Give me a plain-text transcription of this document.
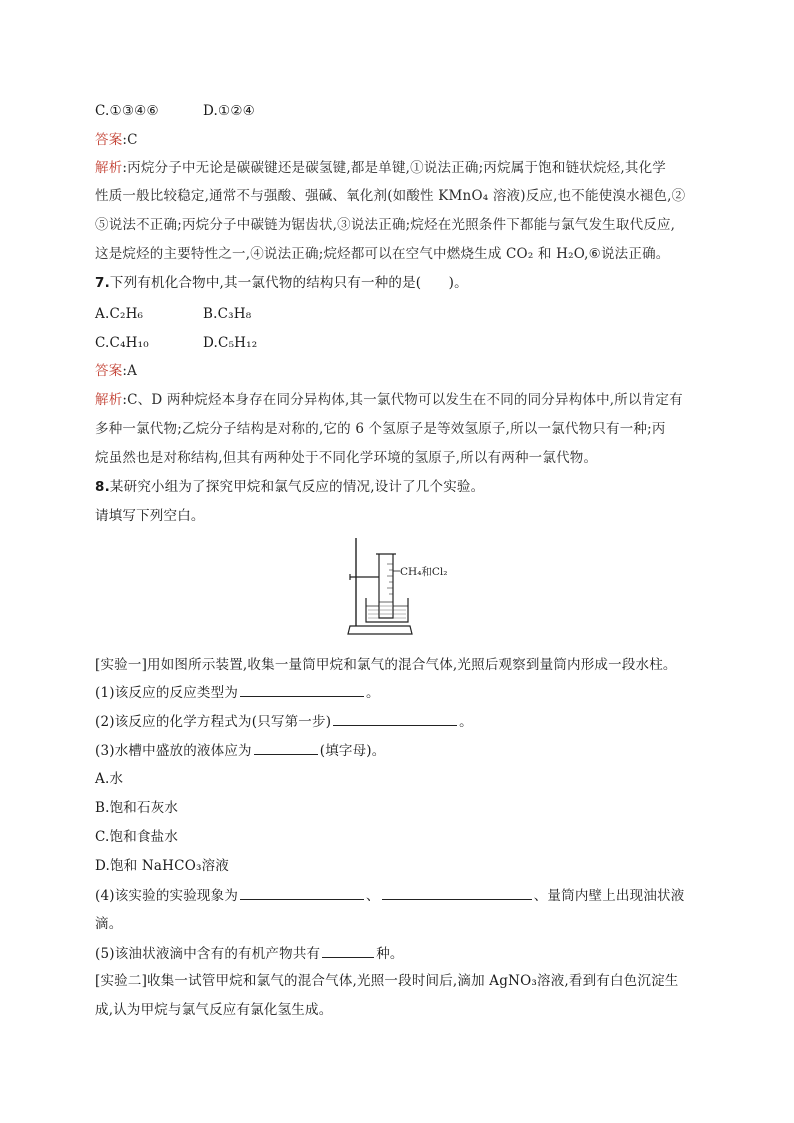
C.①③④⑥	D.①②④
答案:C
解析:丙烷分子中无论是碳碳键还是碳氢键,都是单键,①说法正确;丙烷属于饱和链状烷烃,其化学
性质一般比较稳定,通常不与强酸、强碱、氧化剂(如酸性 KMnO₄ 溶液)反应,也不能使溴水褪色,②
⑤说法不正确;丙烷分子中碳链为锯齿状,③说法正确;烷烃在光照条件下都能与氯气发生取代反应,
这是烷烃的主要特性之一,④说法正确;烷烃都可以在空气中燃烧生成 CO₂ 和 H₂O,⑥说法正确。
7.下列有机化合物中,其一氯代物的结构只有一种的是(　　)。
A.C₂H₆	B.C₃H₈
C.C₄H₁₀	D.C₅H₁₂
答案:A
解析:C、D 两种烷烃本身存在同分异构体,其一氯代物可以发生在不同的同分异构体中,所以肯定有
多种一氯代物;乙烷分子结构是对称的,它的 6 个氢原子是等效氢原子,所以一氯代物只有一种;丙
烷虽然也是对称结构,但其有两种处于不同化学环境的氢原子,所以有两种一氯代物。
8.某研究小组为了探究甲烷和氯气反应的情况,设计了几个实验。
请填写下列空白。
CH₄和Cl₂
[实验一]用如图所示装置,收集一量筒甲烷和氯气的混合气体,光照后观察到量筒内形成一段水柱。
(1)该反应的反应类型为	。
(2)该反应的化学方程式为(只写第一步)	。
(3)水槽中盛放的液体应为	(填字母)。
A.水
B.饱和石灰水
C.饱和食盐水
D.饱和 NaHCO₃溶液
(4)该实验的实验现象为	、	、量筒内壁上出现油状液
滴。
(5)该油状液滴中含有的有机产物共有	种。
[实验二]收集一试管甲烷和氯气的混合气体,光照一段时间后,滴加 AgNO₃溶液,看到有白色沉淀生
成,认为甲烷与氯气反应有氯化氢生成。
